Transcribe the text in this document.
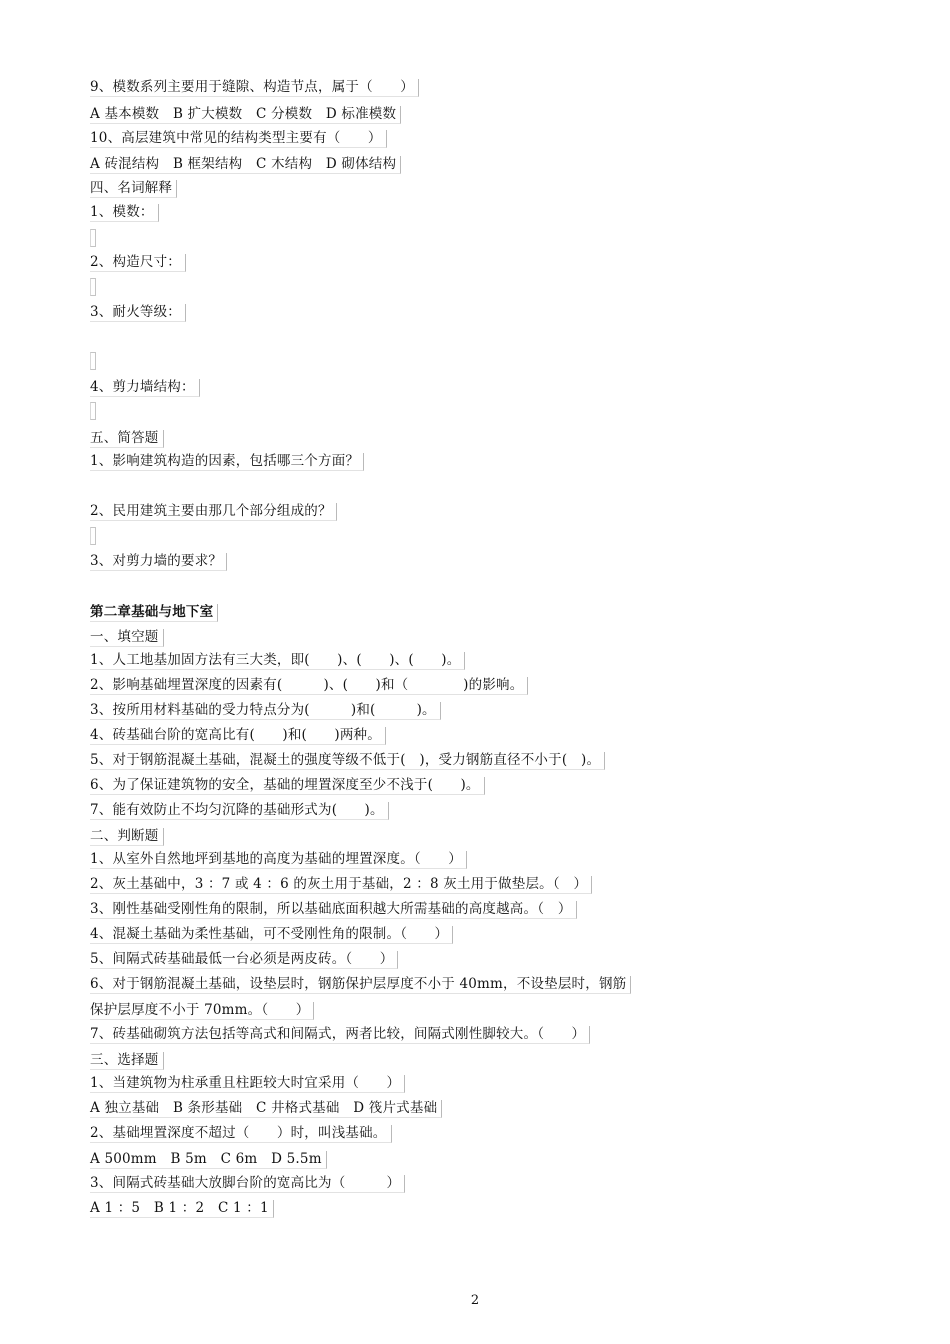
9、模数系列主要用于缝隙、构造节点，属于（　　）
A 基本模数　B 扩大模数　C 分模数　D 标准模数
10、高层建筑中常见的结构类型主要有（　　）
A 砖混结构　B 框架结构　C 木结构　D 砌体结构
四、名词解释
1、模数：
2、构造尺寸：
3、耐火等级：
4、剪力墙结构：
五、简答题
1、影响建筑构造的因素，包括哪三个方面？
2、民用建筑主要由那几个部分组成的？
3、对剪力墙的要求？
第二章基础与地下室
一、填空题
1、人工地基加固方法有三大类，即(　　)、(　　)、(　　)。
2、影响基础埋置深度的因素有(　　　)、(　　)和（　　　　)的影响。
3、按所用材料基础的受力特点分为(　　　)和(　　　)。
4、砖基础台阶的宽高比有(　　)和(　　)两种。
5、对于钢筋混凝土基础，混凝土的强度等级不低于(　)，受力钢筋直径不小于(　)。
6、为了保证建筑物的安全，基础的埋置深度至少不浅于(　　)。
7、能有效防止不均匀沉降的基础形式为(　　)。
二、判断题
1、从室外自然地坪到基地的高度为基础的埋置深度。（　　）
2、灰土基础中，3 ：7 或 4 ：6 的灰土用于基础，2 ：8 灰土用于做垫层。（　）
3、刚性基础受刚性角的限制，所以基础底面积越大所需基础的高度越高。（　）
4、混凝土基础为柔性基础，可不受刚性角的限制。（　　）
5、间隔式砖基础最低一台必须是两皮砖。（　　）
6、对于钢筋混凝土基础，设垫层时，钢筋保护层厚度不小于 40mm，不设垫层时，钢筋
保护层厚度不小于 70mm。（　　）
7、砖基础砌筑方法包括等高式和间隔式，两者比较，间隔式刚性脚较大。（　　）
三、选择题
1、当建筑物为柱承重且柱距较大时宜采用（　　）
A 独立基础　B 条形基础　C 井格式基础　D 筏片式基础
2、基础埋置深度不超过（　　）时，叫浅基础。
A 500mm　B 5m　C 6m　D 5.5m
3、间隔式砖基础大放脚台阶的宽高比为（　　　）
A 1 ：5　B 1 ：2　C 1 ：1
2
